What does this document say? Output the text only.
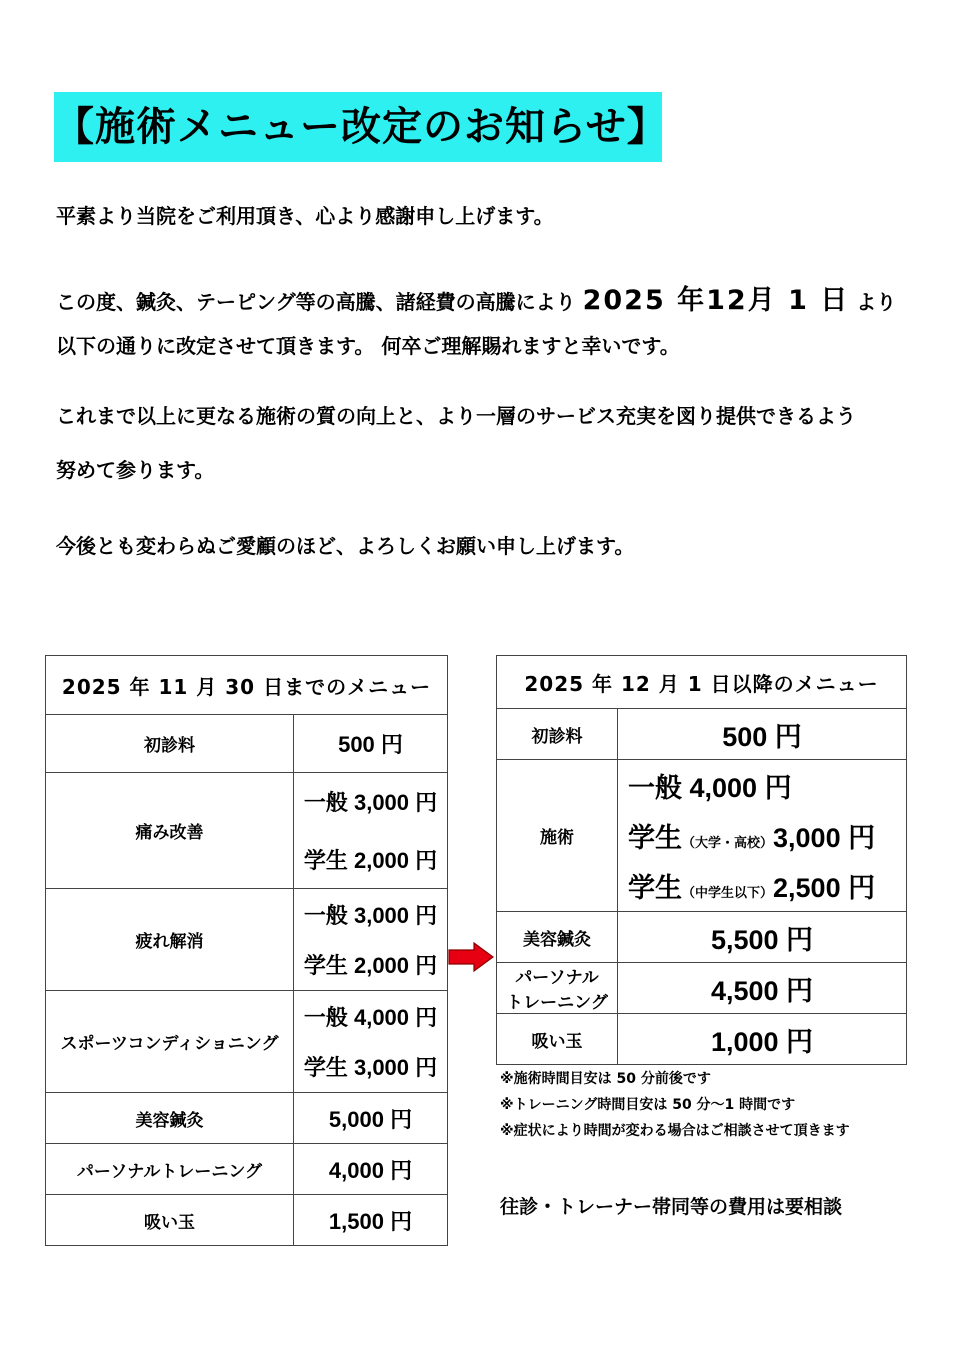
【施術メニュー改定のお知らせ】
平素より当院をご利用頂き、心より感謝申し上げます。
この度、鍼灸、テーピング等の高騰、諸経費の高騰により 2025 年12月 1 日 より
以下の通りに改定させて頂きます。 何卒ご理解賜れますと幸いです。
これまで以上に更なる施術の質の向上と、より一層のサービス充実を図り提供できるよう
努めて参ります。
今後とも変わらぬご愛顧のほど、よろしくお願い申し上げます。
2025 年 11 月 30 日までのメニュー	
初診料	500 円
痛み改善	一般 3,000 円
学生 2,000 円

疲れ解消	一般 3,000 円
学生 2,000 円

スポーツコンディショニング	一般 4,000 円
学生 3,000 円

美容鍼灸	5,000 円
パーソナルトレーニング	4,000 円
吸い玉	1,500 円
2025 年 12 月 1 日以降のメニュー	
初診料	500 円
施術	一般 4,000 円
学生（大学・高校）3,000 円
学生（中学生以下）2,500 円

美容鍼灸	5,500 円

パーソナル
トレーニング	4,500 円
吸い玉	1,000 円
※施術時間目安は 50 分前後です
※トレーニング時間目安は 50 分～1 時間です
※症状により時間が変わる場合はご相談させて頂きます
往診・トレーナー帯同等の費用は要相談
